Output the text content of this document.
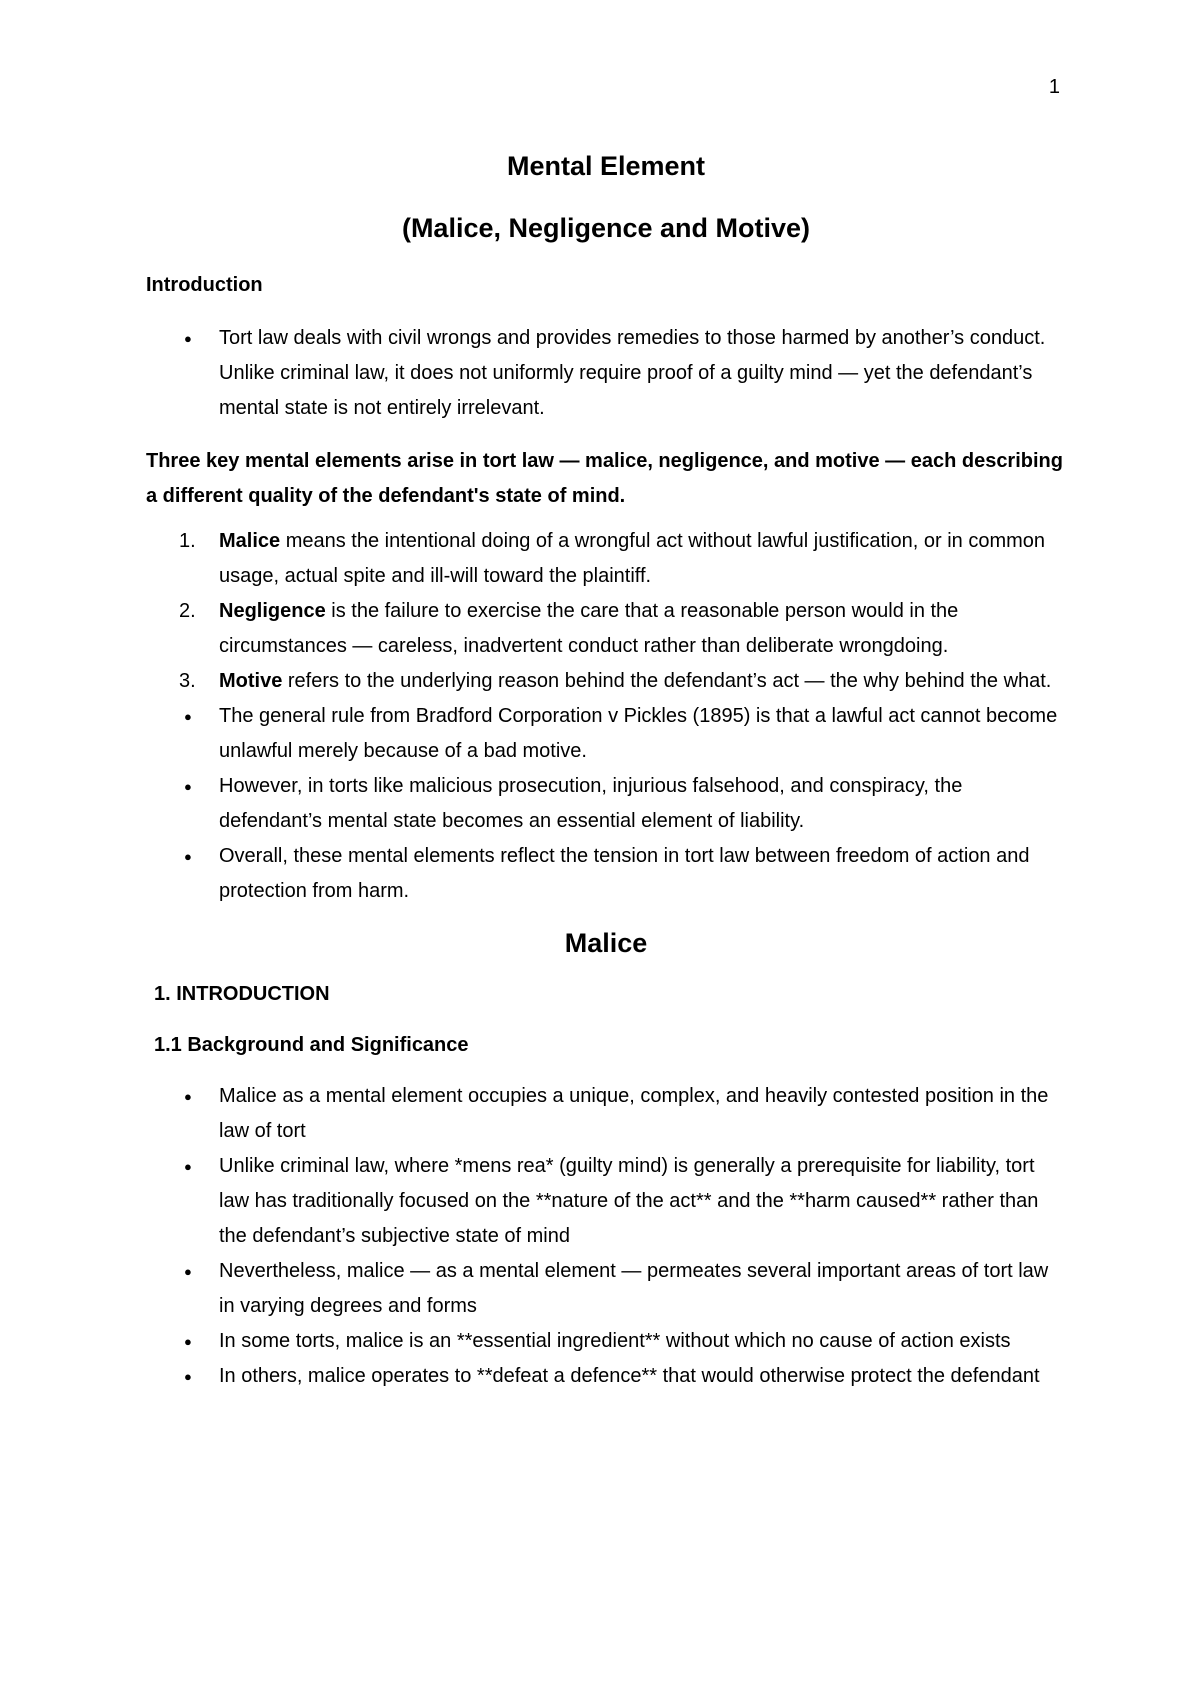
1
Mental Element
(Malice, Negligence and Motive)
Introduction
● Tort law deals with civil wrongs and provides remedies to those harmed by another’s conduct. Unlike criminal law, it does not uniformly require proof of a guilty mind — yet the defendant’s mental state is not entirely irrelevant.
Three key mental elements arise in tort law — malice, negligence, and motive — each describing a different quality of the defendant's state of mind.
1. Malice means the intentional doing of a wrongful act without lawful justification, or in common usage, actual spite and ill-will toward the plaintiff.
2. Negligence is the failure to exercise the care that a reasonable person would in the circumstances — careless, inadvertent conduct rather than deliberate wrongdoing.
3. Motive refers to the underlying reason behind the defendant’s act — the why behind the what.
● The general rule from Bradford Corporation v Pickles (1895) is that a lawful act cannot become unlawful merely because of a bad motive.
● However, in torts like malicious prosecution, injurious falsehood, and conspiracy, the defendant’s mental state becomes an essential element of liability.
● Overall, these mental elements reflect the tension in tort law between freedom of action and protection from harm.
Malice
1. INTRODUCTION
1.1 Background and Significance
● Malice as a mental element occupies a unique, complex, and heavily contested position in the law of tort
● Unlike criminal law, where *mens rea* (guilty mind) is generally a prerequisite for liability, tort law has traditionally focused on the **nature of the act** and the **harm caused** rather than the defendant’s subjective state of mind
● Nevertheless, malice — as a mental element — permeates several important areas of tort law in varying degrees and forms
● In some torts, malice is an **essential ingredient** without which no cause of action exists
● In others, malice operates to **defeat a defence** that would otherwise protect the defendant
